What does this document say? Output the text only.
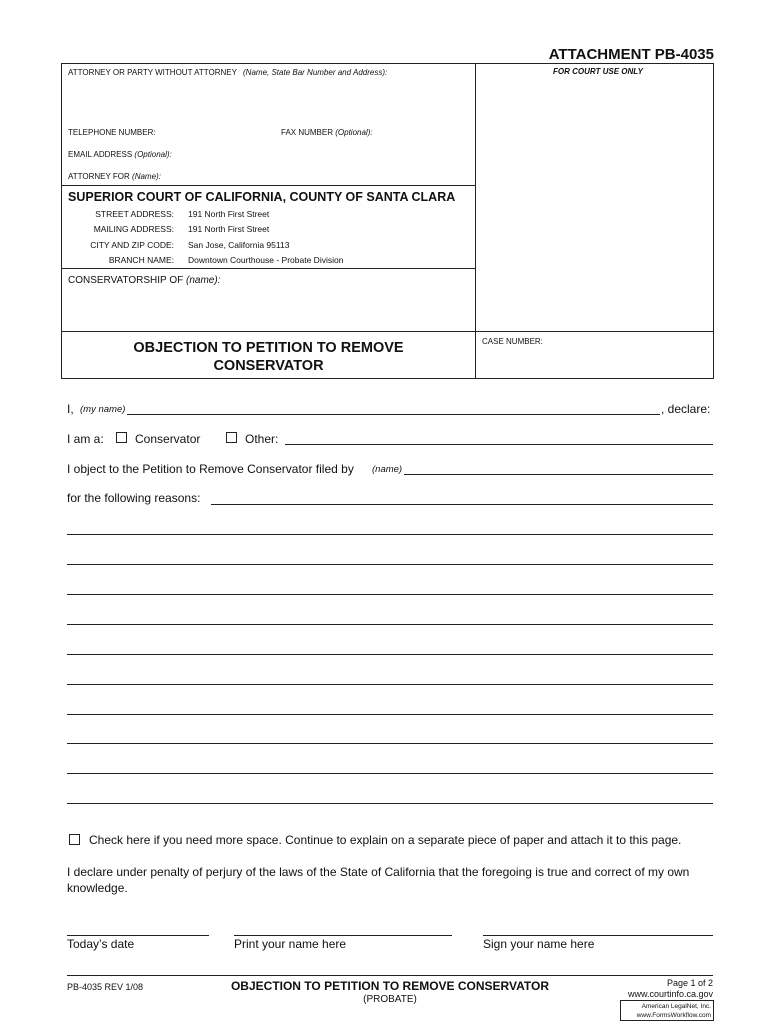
ATTACHMENT PB-4035
ATTORNEY OR PARTY WITHOUT ATTORNEY (Name, State Bar Number and Address):	FOR COURT USE ONLY
TELEPHONE NUMBER:	FAX NUMBER (Optional):
EMAIL ADDRESS (Optional):
ATTORNEY FOR (Name):
SUPERIOR COURT OF CALIFORNIA, COUNTY OF SANTA CLARA
STREET ADDRESS: 191 North First Street
MAILING ADDRESS: 191 North First Street
CITY AND ZIP CODE: San Jose, California 95113
BRANCH NAME: Downtown Courthouse - Probate Division
CONSERVATORSHIP OF (name):
OBJECTION TO PETITION TO REMOVE
CONSERVATOR
CASE NUMBER:
I, (my name)	, declare:
I am a:	Conservator	Other:
I object to the Petition to Remove Conservator filed by (name)
for the following reasons:
Check here if you need more space. Continue to explain on a separate piece of paper and attach it to this page.
I declare under penalty of perjury of the laws of the State of California that the foregoing is true and correct of my own knowledge.
Today’s date	Print your name here	Sign your name here
PB-4035 REV 1/08	OBJECTION TO PETITION TO REMOVE CONSERVATOR
(PROBATE)
Page 1 of 2
www.courtinfo.ca.gov
American LegalNet, Inc.
www.FormsWorkflow.com
